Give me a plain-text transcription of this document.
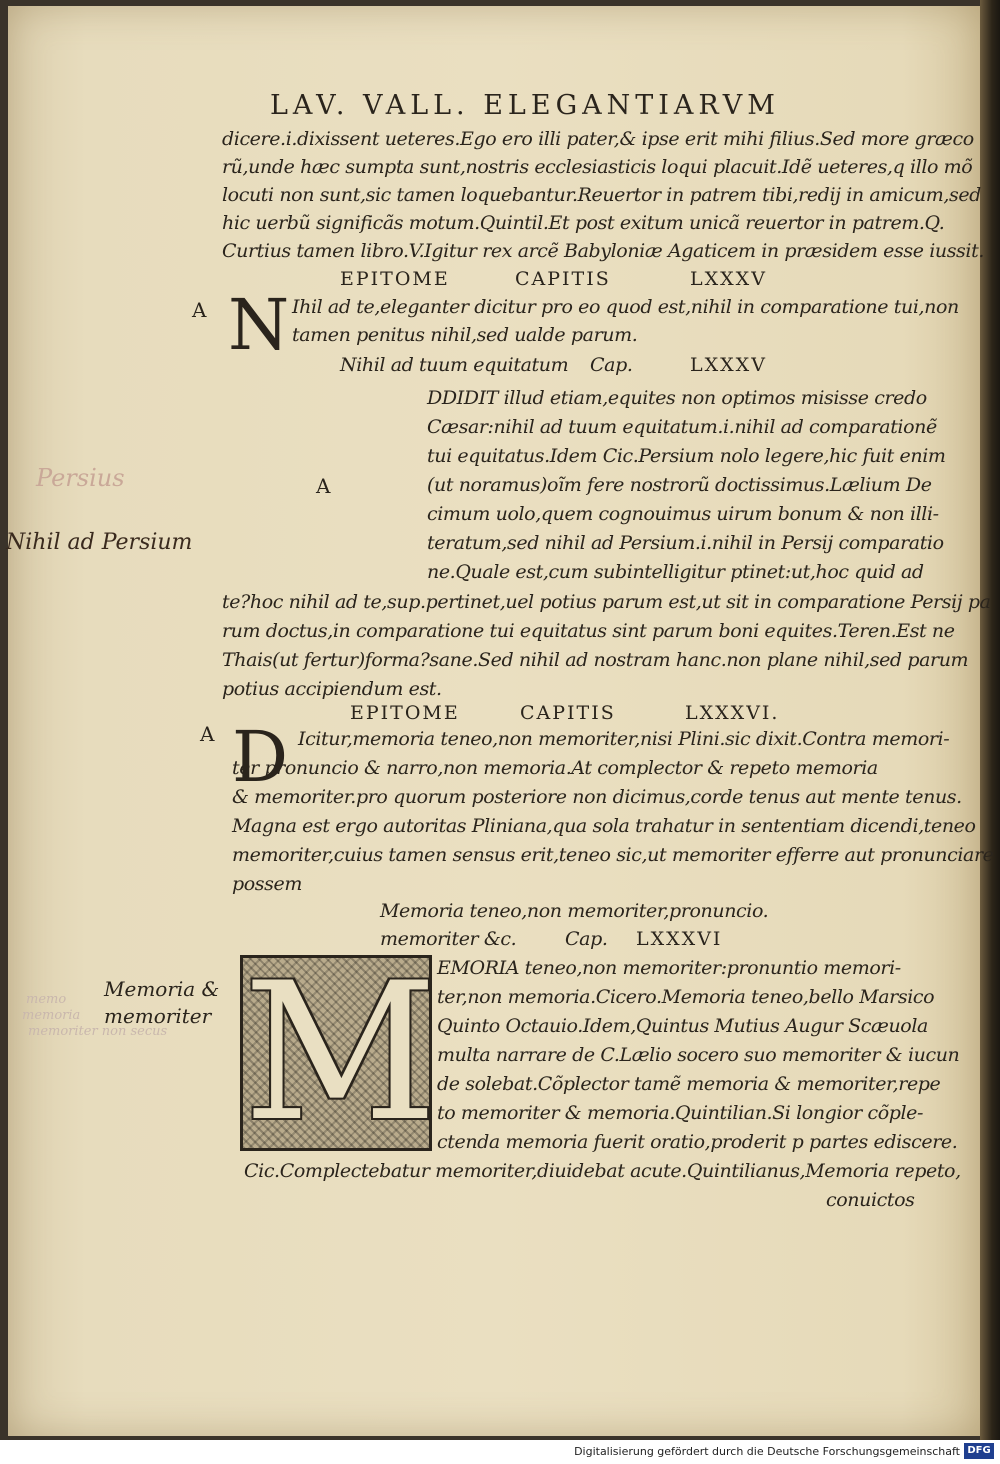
LAV. VALL. ELEGANTIARVM
dicere.i.dixissent ueteres.Ego ero illi pater,& ipse erit mihi filius.Sed more græco
rũ,unde hæc sumpta sunt,nostris ecclesiasticis loqui placuit.Idẽ ueteres,q illo mõ
locuti non sunt,sic tamen loquebantur.Reuertor in patrem tibi,redij in amicum,sed
hic uerbũ significãs motum.Quintil.Et post exitum unicã reuertor in patrem.Q.
Curtius tamen libro.V.Igitur rex arcẽ Babyloniæ Agaticem in præsidem esse iussit.
EPITOME	CAPITIS	LXXXV
A N Ihil ad te,eleganter dicitur pro eo quod est,nihil in comparatione tui,non
tamen penitus nihil,sed ualde parum.
Nihil ad tuum equitatum Cap.	LXXXV
DDIDIT illud etiam,equites non optimos misisse credo
Cæsar:nihil ad tuum equitatum.i.nihil ad comparationẽ
tui equitatus.Idem Cic.Persium nolo legere,hic fuit enim
(ut noramus)oĩm fere nostrorũ doctissimus.Lælium De
cimum uolo,quem cognouimus uirum bonum & non illi-
teratum,sed nihil ad Persium.i.nihil in Persij comparatio
ne.Quale est,cum subintelligitur ptinet:ut,hoc quid ad
A
te?hoc nihil ad te,sup.pertinet,uel potius parum est,ut sit in comparatione Persij pa
rum doctus,in comparatione tui equitatus sint parum boni equites.Teren.Est ne
Thais(ut fertur)forma?sane.Sed nihil ad nostram hanc.non plane nihil,sed parum
potius accipiendum est.
EPITOME	CAPITIS	LXXXVI.
A D Icitur,memoria teneo,non memoriter,nisi Plini.sic dixit.Contra memori-
ter pronuncio & narro,non memoria.At complector & repeto memoria
& memoriter.pro quorum posteriore non dicimus,corde tenus aut mente tenus.
Magna est ergo autoritas Pliniana,qua sola trahatur in sententiam dicendi,teneo
memoriter,cuius tamen sensus erit,teneo sic,ut memoriter efferre aut pronunciare
possem
Memoria teneo,non memoriter,pronuncio.
memoriter &c.	Cap. LXXXVI
M EMORIA teneo,non memoriter:pronuntio memori-
ter,non memoria.Cicero.Memoria teneo,bello Marsico
Quinto Octauio.Idem,Quintus Mutius Augur Scæuola
multa narrare de C.Lælio socero suo memoriter & iucun
de solebat.Cõplector tamẽ memoria & memoriter,repe
to memoriter & memoria.Quintilian.Si longior cõple-
ctenda memoria fuerit oratio,proderit p partes ediscere.
Cic.Complectebatur memoriter,diuidebat acute.Quintilianus,Memoria repeto,
conuictos
Memoria &
memoriter
Persius
Nihil ad Persium
memo
memoria
memoriter non secus
Digitalisierung gefördert durch die Deutsche Forschungsgemeinschaft DFG
